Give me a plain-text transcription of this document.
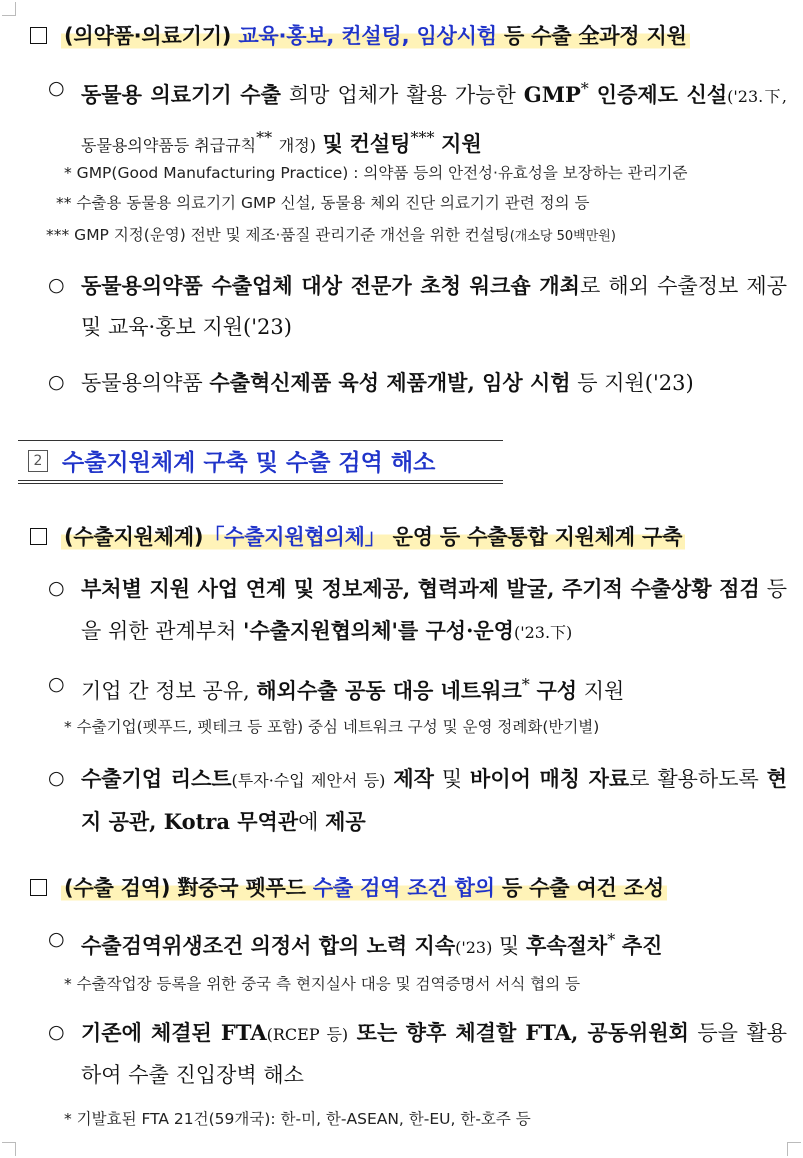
(의약품·의료기기) 교육·홍보, 컨설팅, 임상시험 등 수출 全과정 지원
○ 동물용 의료기기 수출 희망 업체가 활용 가능한 GMP* 인증제도 신설('23.下, 동물용의약품등 취급규칙** 개정) 및 컨설팅*** 지원
* GMP(Good Manufacturing Practice) : 의약품 등의 안전성·유효성을 보장하는 관리기준
** 수출용 동물용 의료기기 GMP 신설, 동물용 체외 진단 의료기기 관련 정의 등
*** GMP 지정(운영) 전반 및 제조·품질 관리기준 개선을 위한 컨설팅(개소당 50백만원)
○ 동물용의약품 수출업체 대상 전문가 초청 워크숍 개최로 해외 수출정보 제공 및 교육·홍보 지원('23)
○ 동물용의약품 수출혁신제품 육성 제품개발, 임상 시험 등 지원('23)
2 수출지원체계 구축 및 수출 검역 해소
(수출지원체계)「수출지원협의체」 운영 등 수출통합 지원체계 구축
○ 부처별 지원 사업 연계 및 정보제공, 협력과제 발굴, 주기적 수출상황 점검 등을 위한 관계부처 '수출지원협의체'를 구성·운영('23.下)
○ 기업 간 정보 공유, 해외수출 공동 대응 네트워크* 구성 지원
* 수출기업(펫푸드, 펫테크 등 포함) 중심 네트워크 구성 및 운영 정례화(반기별)
○ 수출기업 리스트(투자·수입 제안서 등) 제작 및 바이어 매칭 자료로 활용하도록 현지 공관, Kotra 무역관에 제공
(수출 검역) 對중국 펫푸드 수출 검역 조건 합의 등 수출 여건 조성
○ 수출검역위생조건 의정서 합의 노력 지속('23) 및 후속절차* 추진
* 수출작업장 등록을 위한 중국 측 현지실사 대응 및 검역증명서 서식 협의 등
○ 기존에 체결된 FTA(RCEP 등) 또는 향후 체결할 FTA, 공동위원회 등을 활용하여 수출 진입장벽 해소
* 기발효된 FTA 21건(59개국): 한-미, 한-ASEAN, 한-EU, 한-호주 등
